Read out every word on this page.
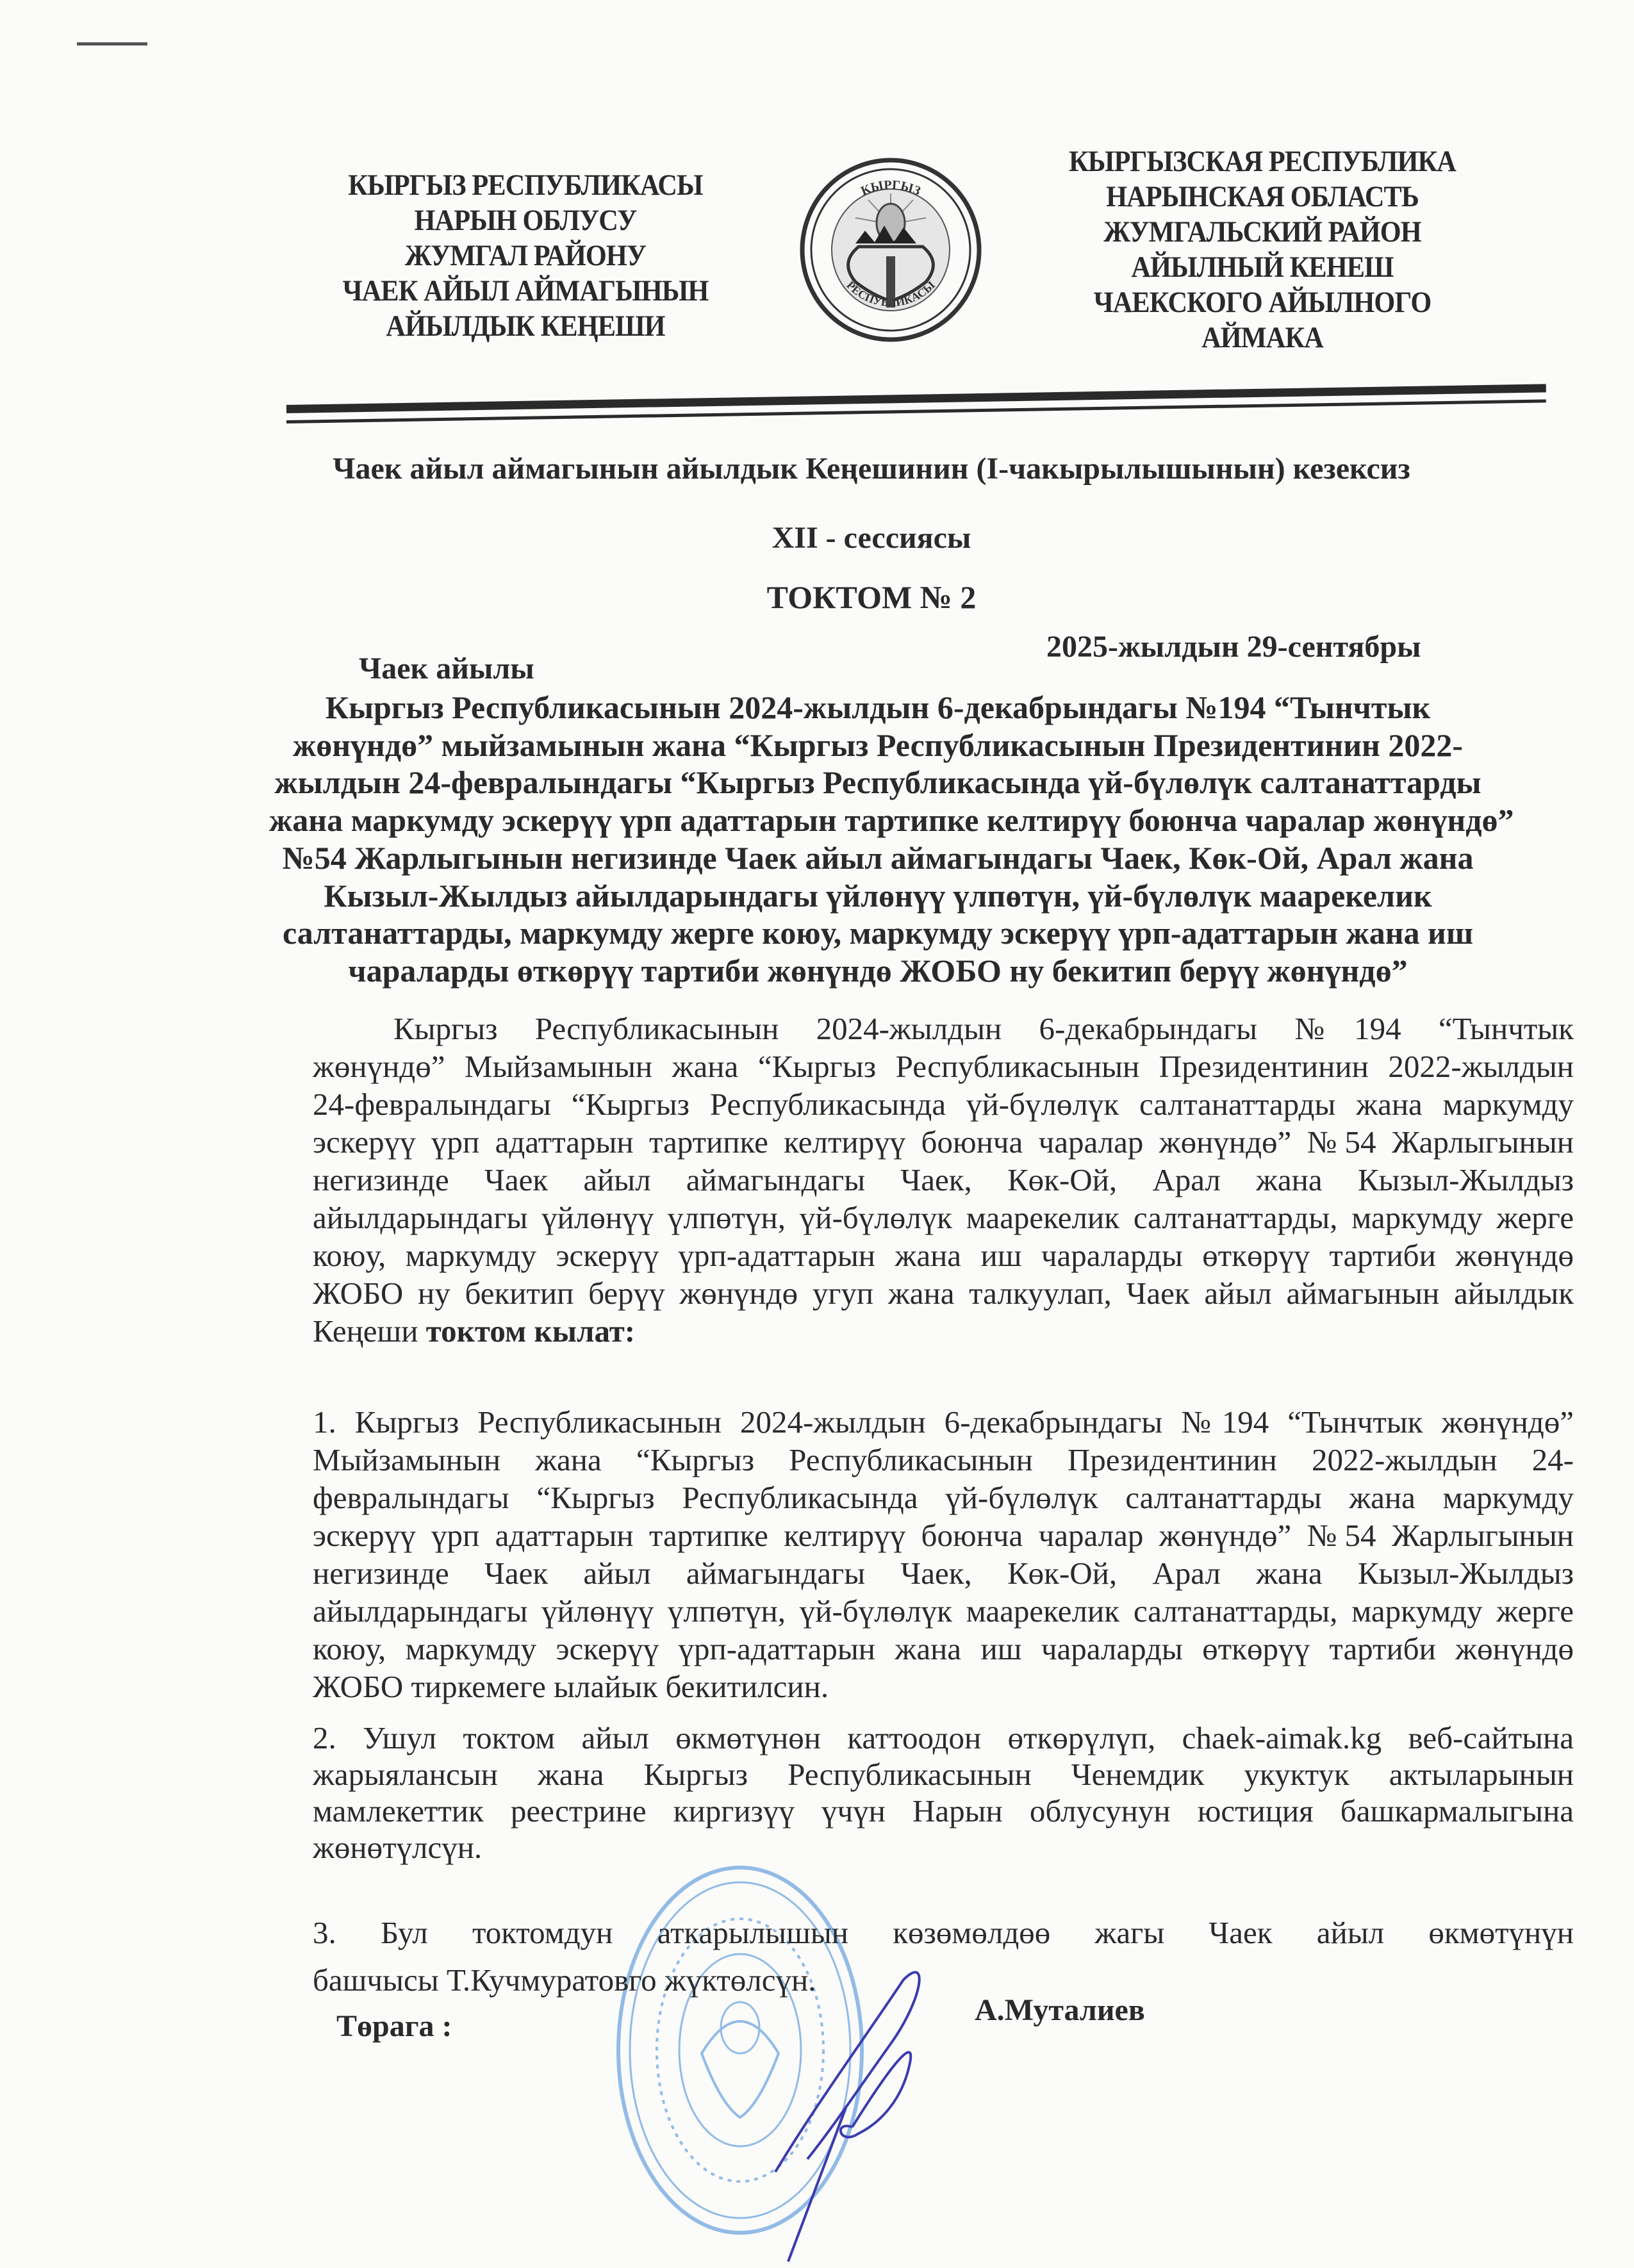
КЫРГЫЗ РЕСПУБЛИКАСЫ
НАРЫН ОБЛУСУ
ЖУМГАЛ РАЙОНУ
ЧАЕК АЙЫЛ АЙМАГЫНЫН
АЙЫЛДЫК КЕҢЕШИ
КЫРГЫЗ
РЕСПУБЛИКАСЫ
КЫРГЫЗСКАЯ РЕСПУБЛИКА
НАРЫНСКАЯ ОБЛАСТЬ
ЖУМГАЛЬСКИЙ РАЙОН
АЙЫЛНЫЙ КЕНЕШ
ЧАЕКСКОГО АЙЫЛНОГО
АЙМАКА
Чаек айыл аймагынын айылдык Кеңешинин (I-чакырылышынын) кезексиз
XII - сессиясы
ТОКТОМ № 2
Чаек айылы
2025-жылдын 29-сентябры
Кыргыз Республикасынын 2024-жылдын 6-декабрындагы №194 “Тынчтык
жөнүндө” мыйзамынын жана “Кыргыз Республикасынын Президентинин 2022-
жылдын 24-февралындагы “Кыргыз Республикасында үй-бүлөлүк салтанаттарды
жана маркумду эскерүү үрп адаттарын тартипке келтирүү боюнча чаралар жөнүндө”
№54 Жарлыгынын негизинде Чаек айыл аймагындагы Чаек, Көк-Ой, Арал жана
Кызыл-Жылдыз айылдарындагы үйлөнүү үлпөтүн, үй-бүлөлүк маарекелик
салтанаттарды, маркумду жерге коюу, маркумду эскерүү үрп-адаттарын жана иш
чараларды өткөрүү тартиби жөнүндө ЖОБО ну бекитип берүү жөнүндө”
Кыргыз Республикасынын 2024-жылдын 6-декабрындагы №194 “Тынчтык
жөнүндө” Мыйзамынын жана “Кыргыз Республикасынын Президентинин 2022-жылдын
24-февралындагы “Кыргыз Республикасында үй-бүлөлүк салтанаттарды жана маркумду
эскерүү үрп адаттарын тартипке келтирүү боюнча чаралар жөнүндө” №54 Жарлыгынын
негизинде Чаек айыл аймагындагы Чаек, Көк-Ой, Арал жана Кызыл-Жылдыз
айылдарындагы үйлөнүү үлпөтүн, үй-бүлөлүк маарекелик салтанаттарды, маркумду жерге
коюу, маркумду эскерүү үрп-адаттарын жана иш чараларды өткөрүү тартиби жөнүндө
ЖОБО ну бекитип берүү жөнүндө угуп жана талкуулап, Чаек айыл аймагынын айылдык
Кеңеши токтом кылат:
1. Кыргыз Республикасынын 2024-жылдын 6-декабрындагы №194 “Тынчтык жөнүндө”
Мыйзамынын жана “Кыргыз Республикасынын Президентинин 2022-жылдын 24-
февралындагы “Кыргыз Республикасында үй-бүлөлүк салтанаттарды жана маркумду
эскерүү үрп адаттарын тартипке келтирүү боюнча чаралар жөнүндө” №54 Жарлыгынын
негизинде Чаек айыл аймагындагы Чаек, Көк-Ой, Арал жана Кызыл-Жылдыз
айылдарындагы үйлөнүү үлпөтүн, үй-бүлөлүк маарекелик салтанаттарды, маркумду жерге
коюу, маркумду эскерүү үрп-адаттарын жана иш чараларды өткөрүү тартиби жөнүндө
ЖОБО тиркемеге ылайык бекитилсин.
2. Ушул токтом айыл өкмөтүнөн каттоодон өткөрүлүп, chaek-aimak.kg веб-сайтына
жарыялансын жана Кыргыз Республикасынын Ченемдик укуктук актыларынын
мамлекеттик реестрине киргизүү үчүн Нарын облусунун юстиция башкармалыгына
жөнөтүлсүн.
3. Бул токтомдун аткарылышын көзөмөлдөө жагы Чаек айыл өкмөтүнүн
башчысы Т.Кучмуратовго жүктөлсүн.
Төрага :	А.Муталиев
